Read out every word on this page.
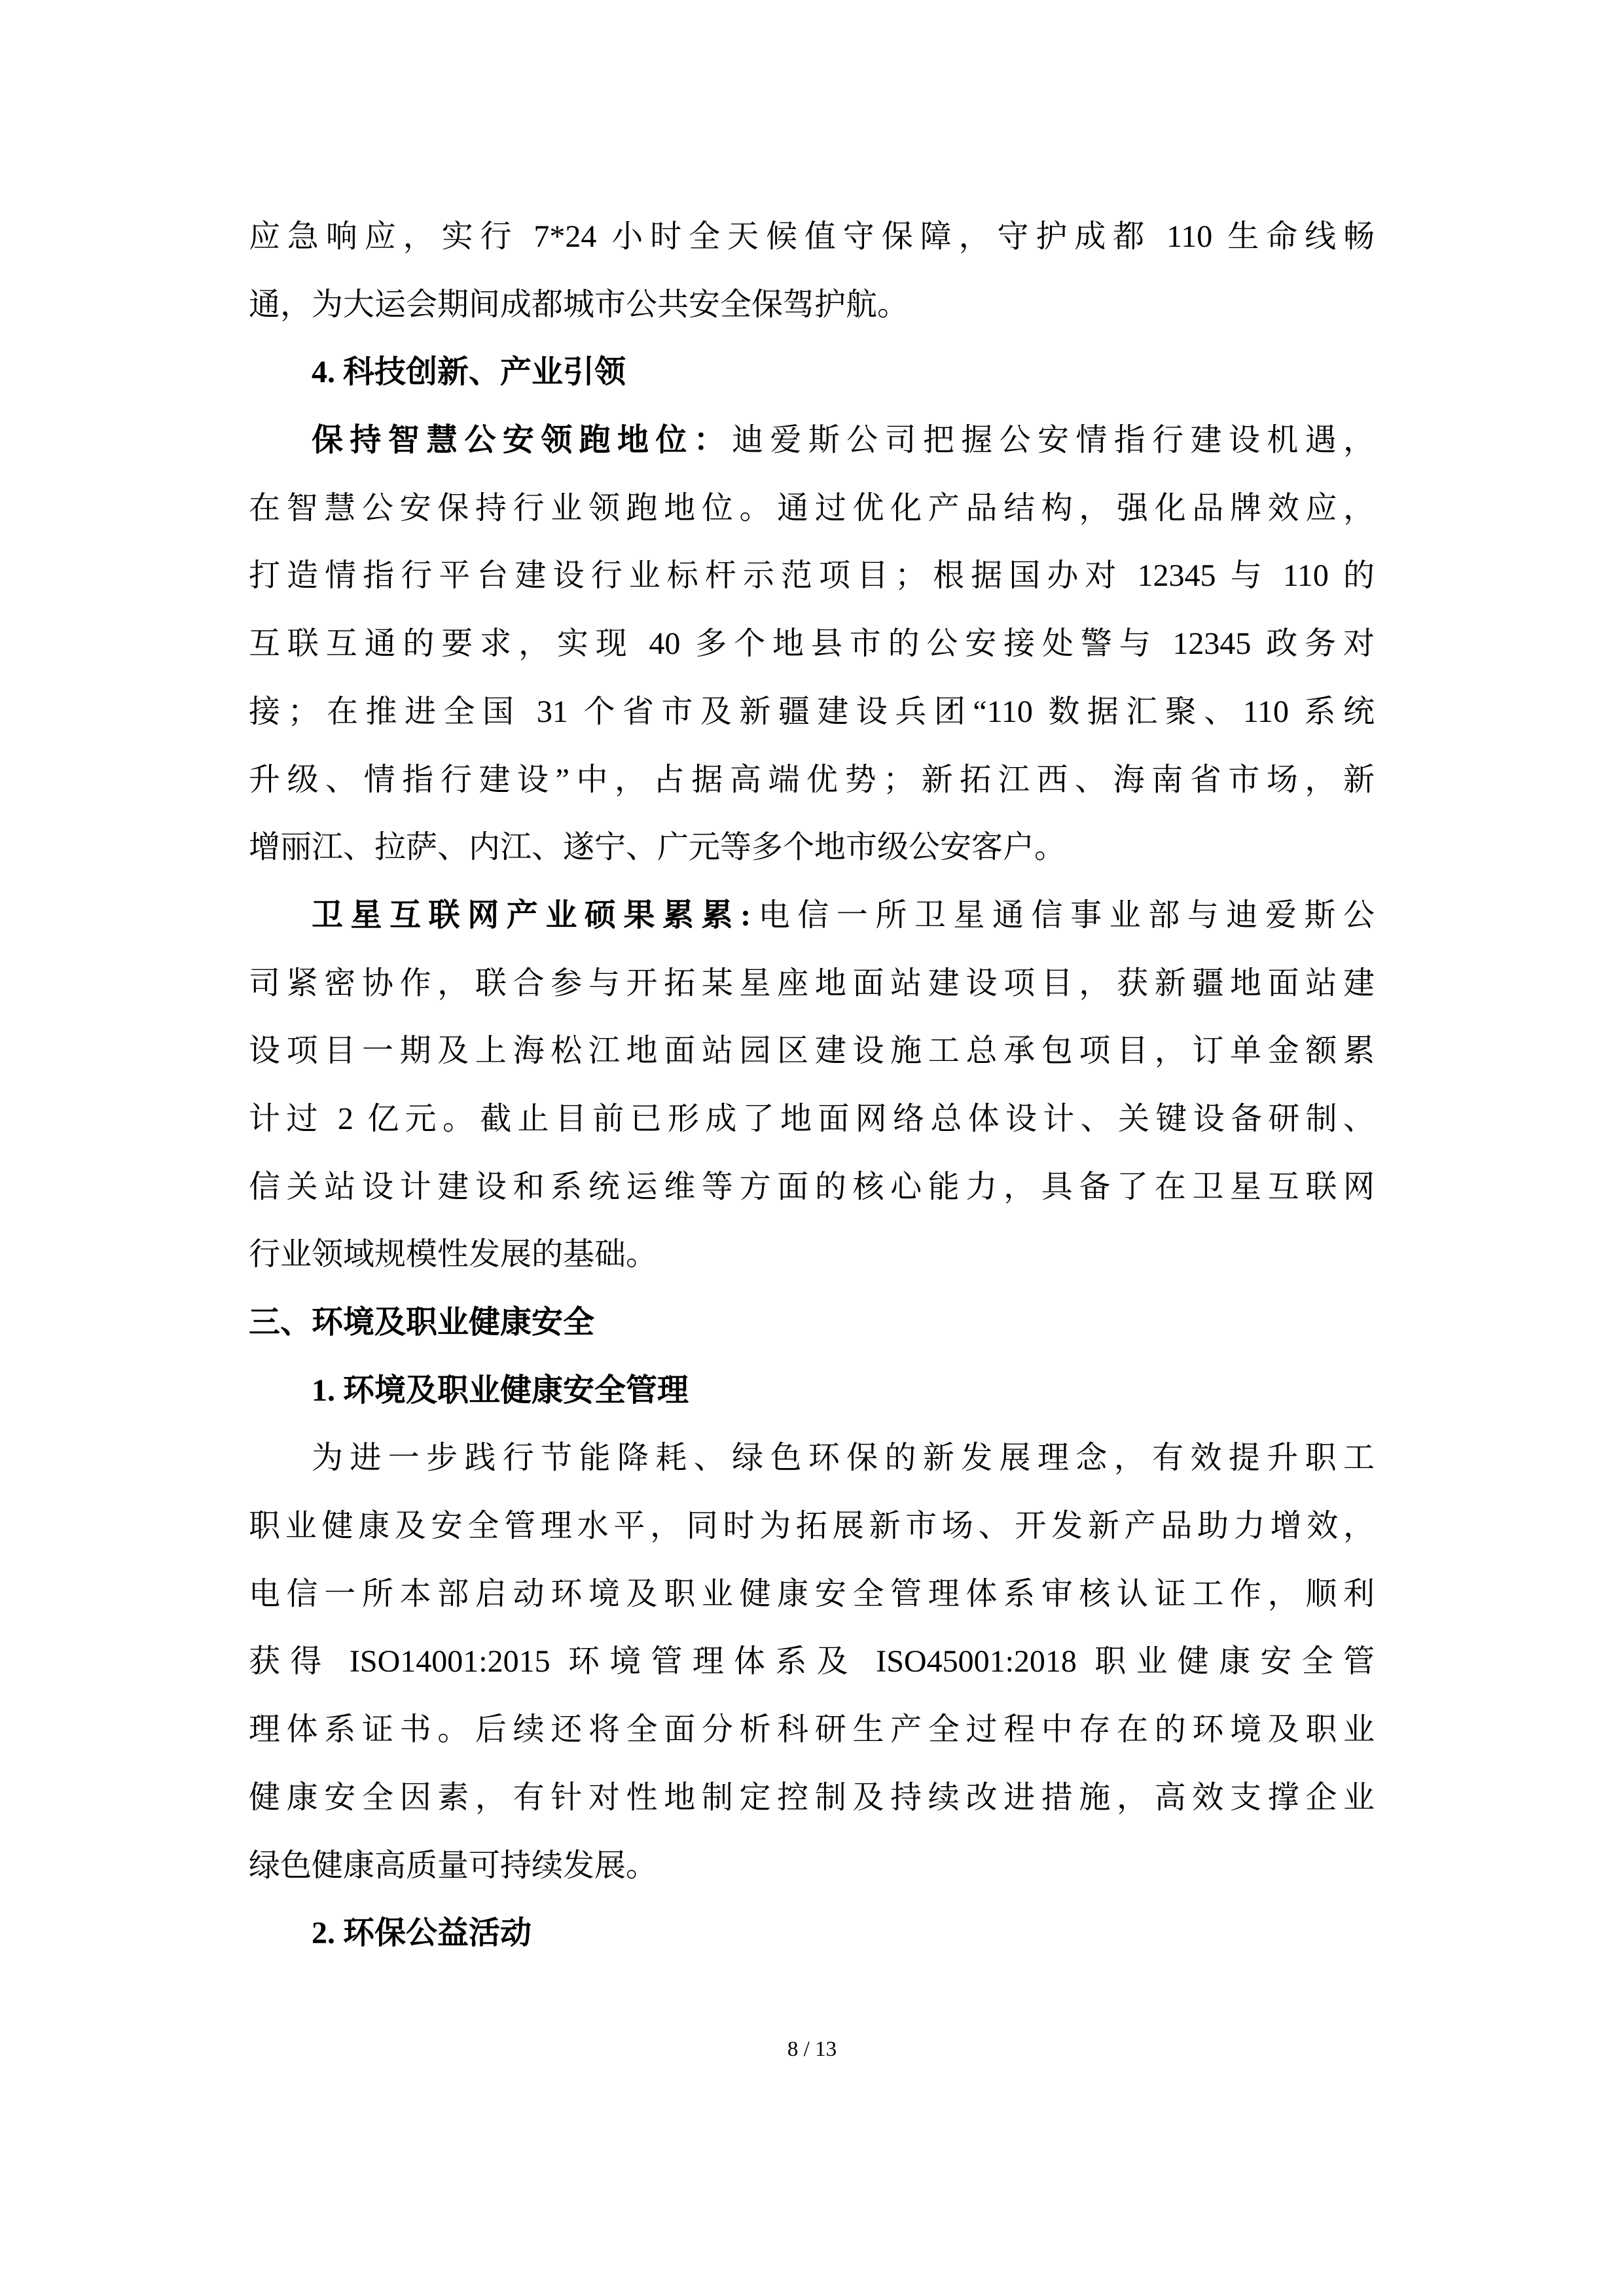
应急响应，实行 7*24 小时全天候值守保障，守护成都 110 生命线畅
通，为大运会期间成都城市公共安全保驾护航。
4. 科技创新、产业引领
保持智慧公安领跑地位：迪爱斯公司把握公安情指行建设机遇，
在智慧公安保持行业领跑地位。通过优化产品结构，强化品牌效应，
打造情指行平台建设行业标杆示范项目；根据国办对 12345 与 110 的
互联互通的要求，实现 40 多个地县市的公安接处警与 12345 政务对
接；在推进全国 31 个省市及新疆建设兵团“110 数据汇聚、110 系统
升级、情指行建设”中，占据高端优势；新拓江西、海南省市场，新
增丽江、拉萨、内江、遂宁、广元等多个地市级公安客户。
卫星互联网产业硕果累累:电信一所卫星通信事业部与迪爱斯公
司紧密协作，联合参与开拓某星座地面站建设项目，获新疆地面站建
设项目一期及上海松江地面站园区建设施工总承包项目，订单金额累
计过 2 亿元。截止目前已形成了地面网络总体设计、关键设备研制、
信关站设计建设和系统运维等方面的核心能力，具备了在卫星互联网
行业领域规模性发展的基础。
三、环境及职业健康安全
1. 环境及职业健康安全管理
为进一步践行节能降耗、绿色环保的新发展理念，有效提升职工
职业健康及安全管理水平，同时为拓展新市场、开发新产品助力增效，
电信一所本部启动环境及职业健康安全管理体系审核认证工作，顺利
获得 ISO14001:2015 环境管理体系及 ISO45001:2018 职业健康安全管
理体系证书。后续还将全面分析科研生产全过程中存在的环境及职业
健康安全因素，有针对性地制定控制及持续改进措施，高效支撑企业
绿色健康高质量可持续发展。
2. 环保公益活动
8 / 13
